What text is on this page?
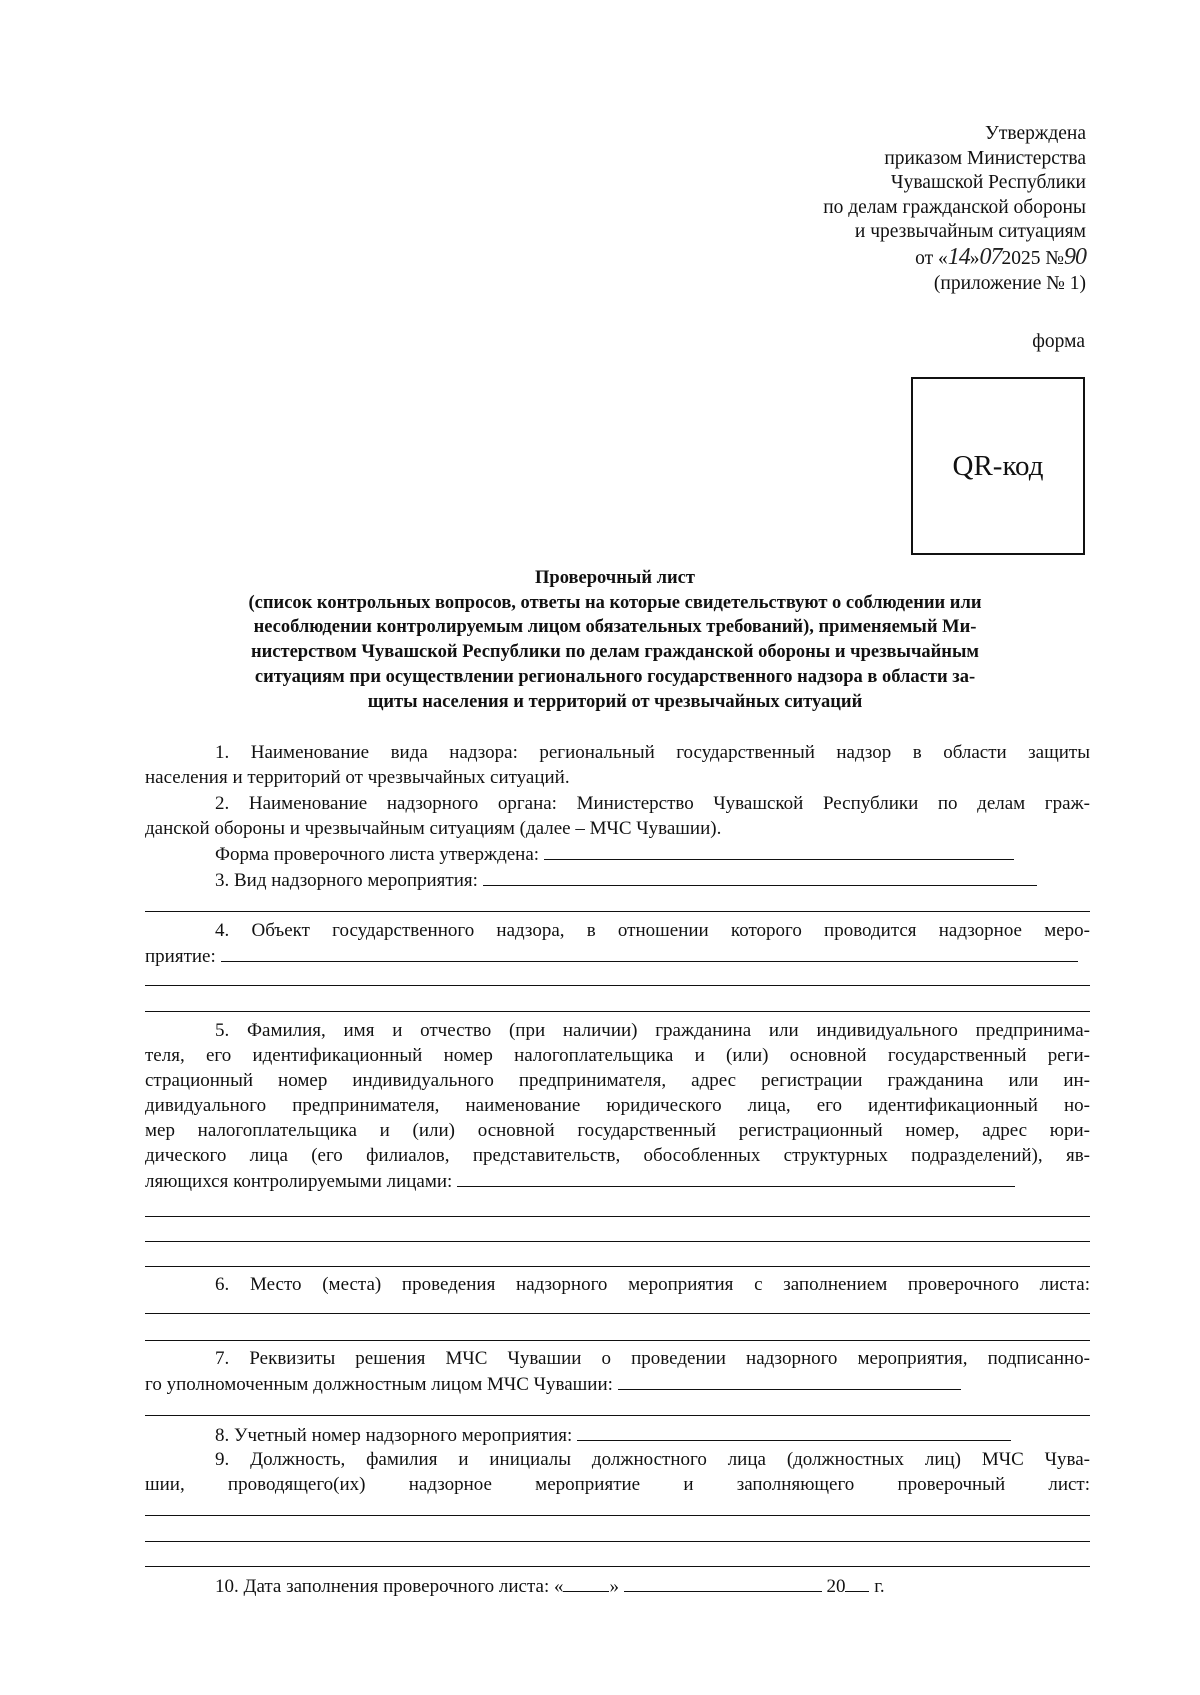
Утверждена
приказом Министерства
Чувашской Республики
по делам гражданской обороны
и чрезвычайным ситуациям
от «14»072025 №90
(приложение № 1)
форма
QR-код
Проверочный лист
(список контрольных вопросов, ответы на которые свидетельствуют о соблюдении или
несоблюдении контролируемым лицом обязательных требований), применяемый Ми-
нистерством Чувашской Республики по делам гражданской обороны и чрезвычайным
ситуациям при осуществлении регионального государственного надзора в области за-
щиты населения и территорий от чрезвычайных ситуаций
1. Наименование вида надзора: региональный государственный надзор в области защиты
населения и территорий от чрезвычайных ситуаций.
2. Наименование надзорного органа: Министерство Чувашской Республики по делам граж-
данской обороны и чрезвычайным ситуациям (далее – МЧС Чувашии).
Форма проверочного листа утверждена:
3. Вид надзорного мероприятия:
4. Объект государственного надзора, в отношении которого проводится надзорное меро-
приятие:
5. Фамилия, имя и отчество (при наличии) гражданина или индивидуального предпринима-
теля, его идентификационный номер налогоплательщика и (или) основной государственный реги-
страционный номер индивидуального предпринимателя, адрес регистрации гражданина или ин-
дивидуального предпринимателя, наименование юридического лица, его идентификационный но-
мер налогоплательщика и (или) основной государственный регистрационный номер, адрес юри-
дического лица (его филиалов, представительств, обособленных структурных подразделений), яв-
ляющихся контролируемыми лицами:
6. Место (места) проведения надзорного мероприятия с заполнением проверочного листа:
7. Реквизиты решения МЧС Чувашии о проведении надзорного мероприятия, подписанно-
го уполномоченным должностным лицом МЧС Чувашии:
8. Учетный номер надзорного мероприятия:
9. Должность, фамилия и инициалы должностного лица (должностных лиц) МЧС Чува-
шии, проводящего(их) надзорное мероприятие и заполняющего проверочный лист:
10. Дата заполнения проверочного листа: « »	20 г.
